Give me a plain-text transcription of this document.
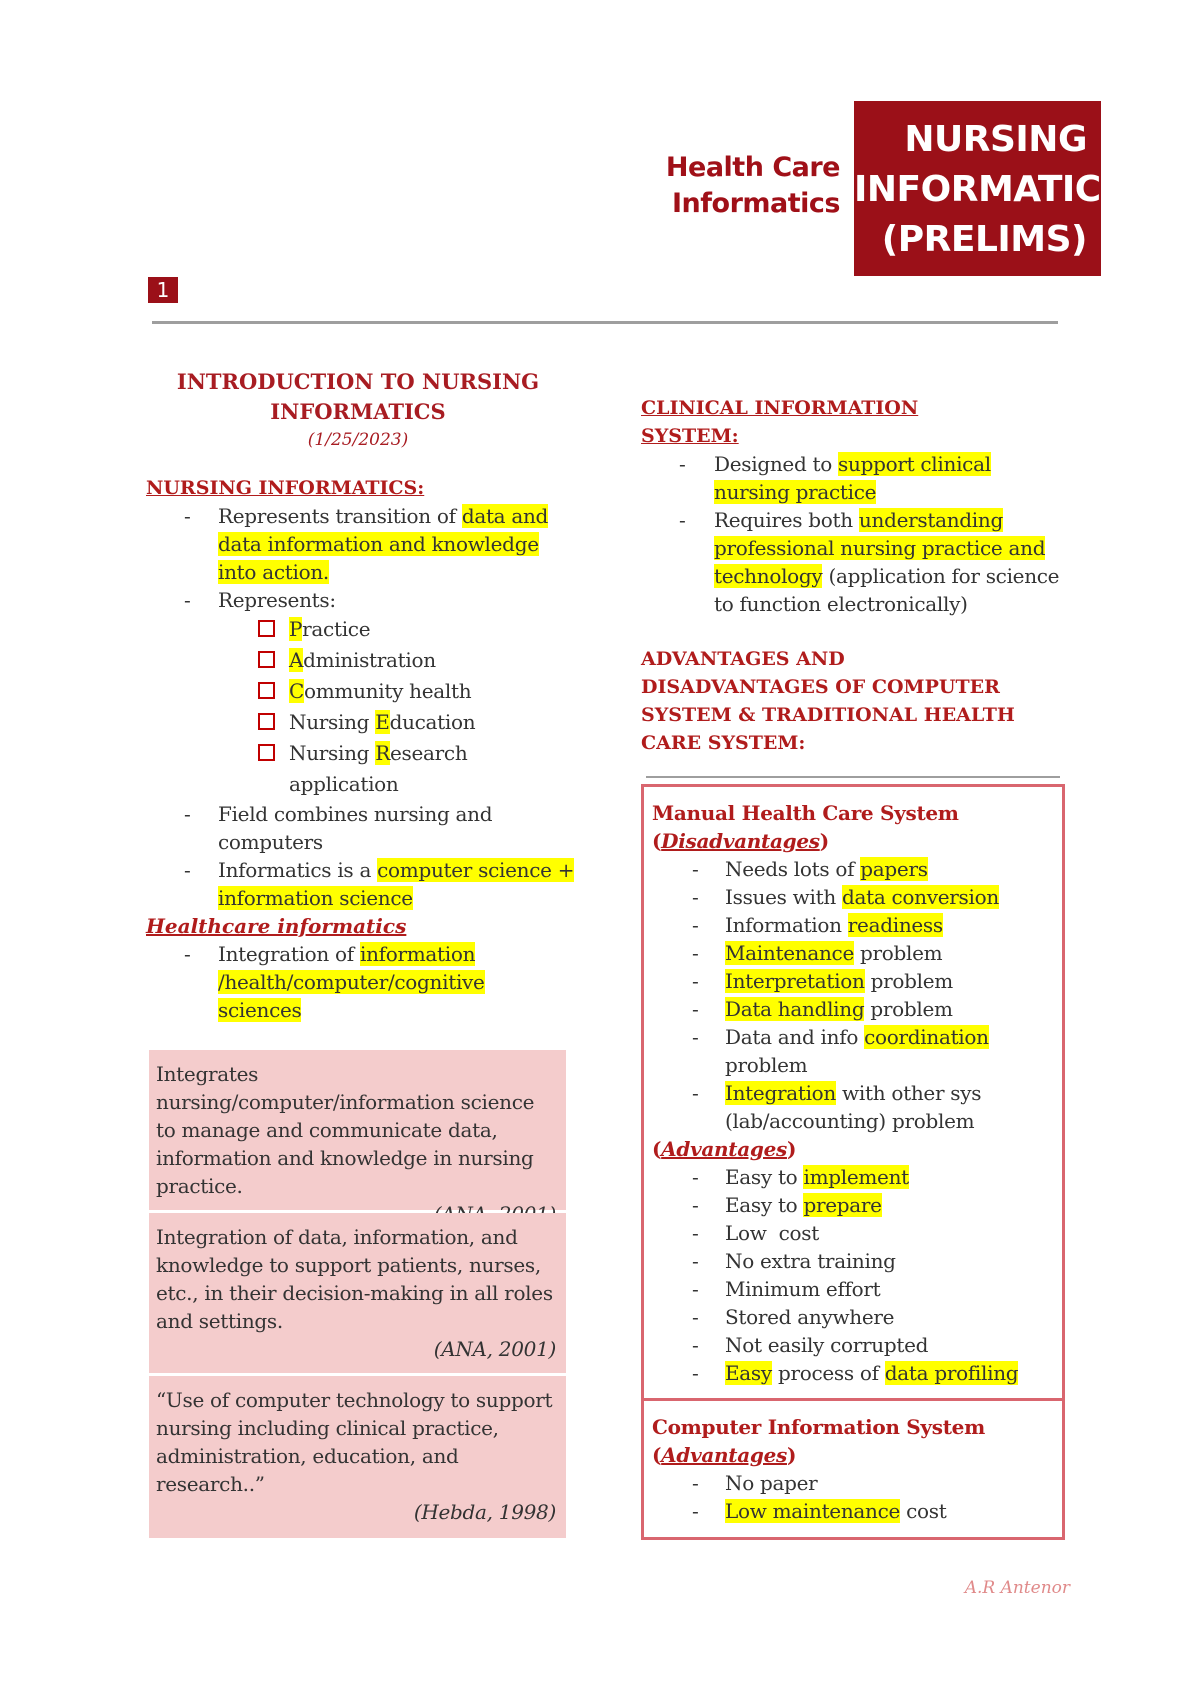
Health Care
Informatics
NURSING
INFORMATICS
(PRELIMS)
1
INTRODUCTION TO NURSING
INFORMATICS
(1/25/2023)
NURSING INFORMATICS:
- Represents transition of data and
data information and knowledge
into action.
- Represents:
Practice
Administration
Community health
Nursing Education
Nursing Research
application
- Field combines nursing and
computers
- Informatics is a computer science +
information science
Healthcare informatics
- Integration of information
/health/computer/cognitive
sciences
Integrates nursing/computer/information science to manage and communicate data, information and knowledge in nursing practice.
Integration of data, information, and knowledge to support patients, nurses, etc., in their decision-making in all roles and settings.
(ANA, 2001)
“Use of computer technology to support nursing including clinical practice, administration, education, and research..”
(Hebda, 1998)
CLINICAL INFORMATION
SYSTEM:
- Designed to support clinical
nursing practice
- Requires both understanding
professional nursing practice and
technology (application for science
to function electronically)
ADVANTAGES AND
DISADVANTAGES OF COMPUTER
SYSTEM & TRADITIONAL HEALTH
CARE SYSTEM:
Manual Health Care System
(Disadvantages)
- Needs lots of papers
- Issues with data conversion
- Information readiness
- Maintenance problem
- Interpretation problem
- Data handling problem
- Data and info coordination
problem
- Integration with other sys
(lab/accounting) problem
(Advantages)
- Easy to implement
- Easy to prepare
- Low  cost
- No extra training
- Minimum effort
- Stored anywhere
- Not easily corrupted
- Easy process of data profiling
Computer Information System
(Advantages)
- No paper
- Low maintenance cost
A.R Antenor
